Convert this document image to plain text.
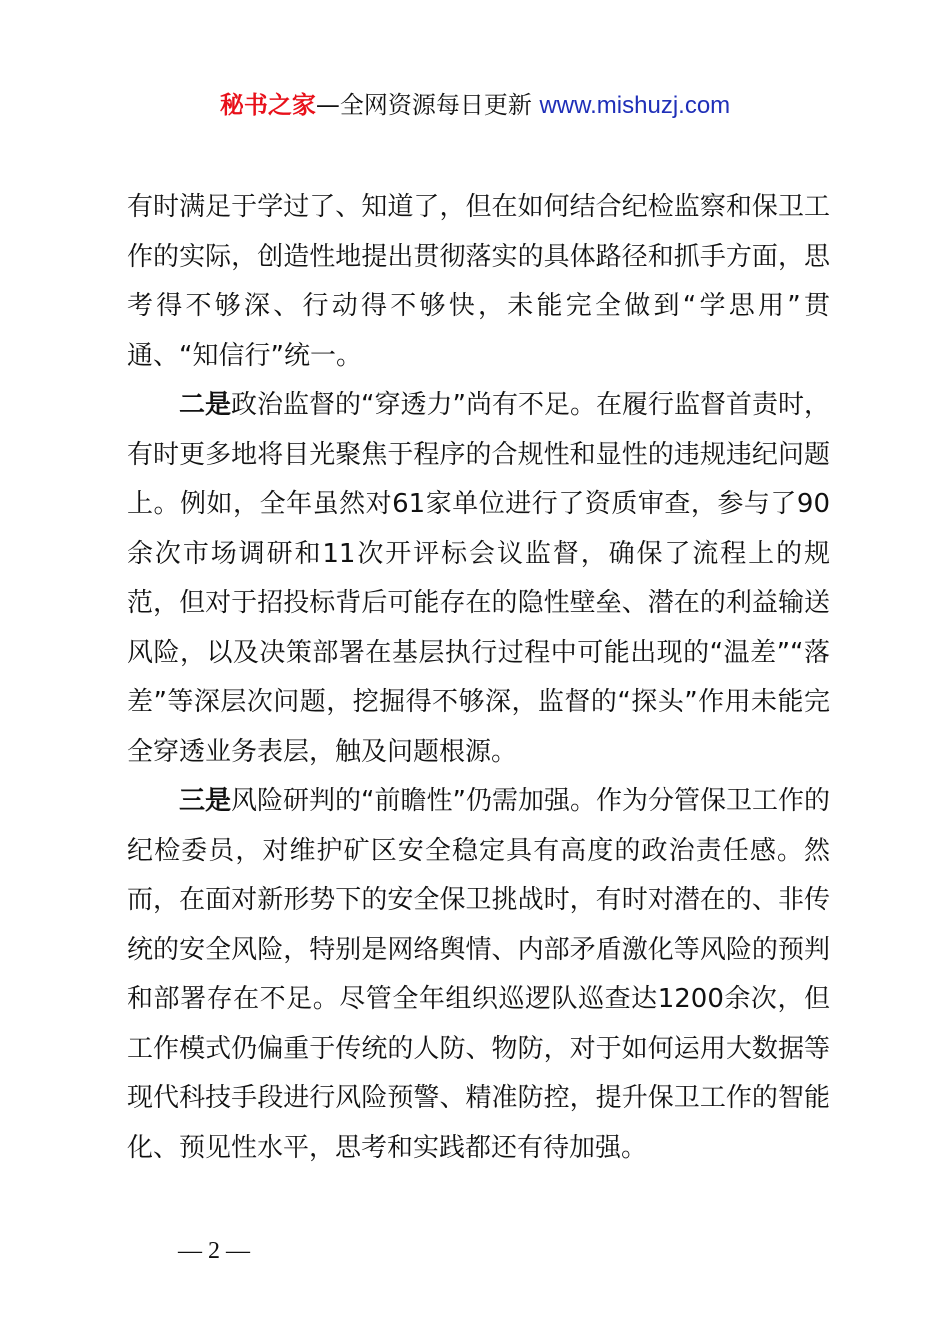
秘书之家—全网资源每日更新 www.mishuzj.com

有时满足于学过了、知道了，但在如何结合纪检监察和保卫工作的实际，创造性地提出贯彻落实的具体路径和抓手方面，思考得不够深、行动得不够快，未能完全做到“学思用”贯通、“知信行”统一。

二是政治监督的“穿透力”尚有不足。在履行监督首责时，有时更多地将目光聚焦于程序的合规性和显性的违规违纪问题上。例如，全年虽然对61家单位进行了资质审查，参与了90余次市场调研和11次开评标会议监督，确保了流程上的规范，但对于招投标背后可能存在的隐性壁垒、潜在的利益输送风险，以及决策部署在基层执行过程中可能出现的“温差”“落差”等深层次问题，挖掘得不够深，监督的“探头”作用未能完全穿透业务表层，触及问题根源。

三是风险研判的“前瞻性”仍需加强。作为分管保卫工作的纪检委员，对维护矿区安全稳定具有高度的政治责任感。然而，在面对新形势下的安全保卫挑战时，有时对潜在的、非传统的安全风险，特别是网络舆情、内部矛盾激化等风险的预判和部署存在不足。尽管全年组织巡逻队巡查达1200余次，但工作模式仍偏重于传统的人防、物防，对于如何运用大数据等现代科技手段进行风险预警、精准防控，提升保卫工作的智能化、预见性水平，思考和实践都还有待加强。

— 2 —
